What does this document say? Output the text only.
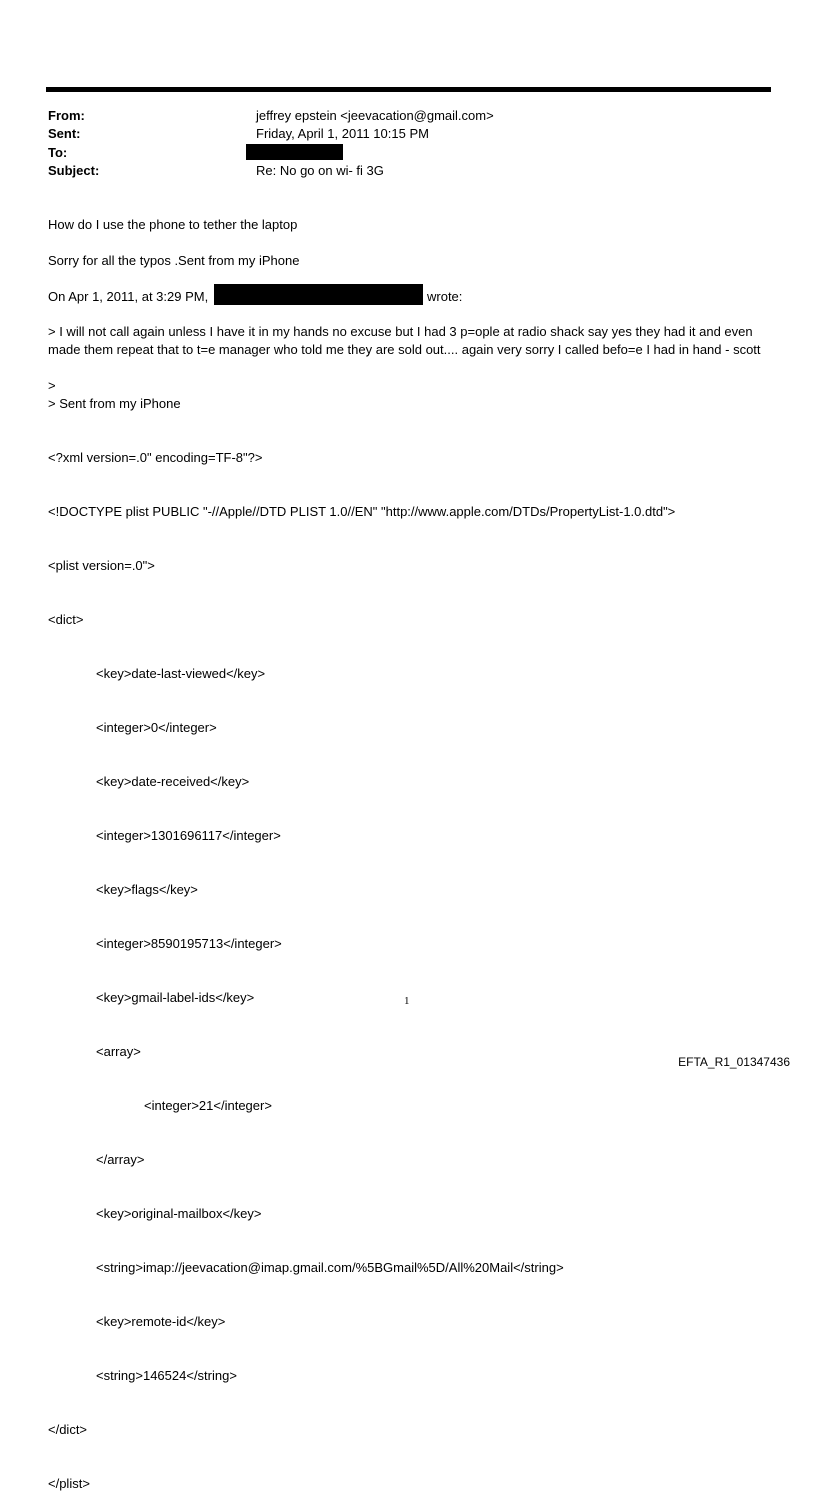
From:	jeffrey epstein <jeevacation@gmail.com>
Sent:	Friday, April 1, 2011 10:15 PM
To:
Subject:	Re: No go on wi- fi 3G
How do I use the phone to tether the laptop
Sorry for all the typos .Sent from my iPhone
On Apr 1, 2011, at 3:29 PM,	wrote:
> I will not call again unless I have it in my hands no excuse but I had 3 p=ople at radio shack say yes they had it and even made them repeat that to t=e manager who told me they are sold out.... again very sorry I called befo=e I had in hand - scott
>
> Sent from my iPhone

<?xml version=.0" encoding=TF-8"?>

<!DOCTYPE plist PUBLIC "-//Apple//DTD PLIST 1.0//EN" "http://www.apple.com/DTDs/PropertyList-1.0.dtd">

<plist version=.0">

<dict>

<key>date-last-viewed</key>

<integer>0</integer>

<key>date-received</key>

<integer>1301696117</integer>

<key>flags</key>

<integer>8590195713</integer>

<key>gmail-label-ids</key>

<array>

<integer>21</integer>

</array>

<key>original-mailbox</key>

<string>imap://jeevacation@imap.gmail.com/%5BGmail%5D/All%20Mail</string>

<key>remote-id</key>

<string>146524</string>

</dict>

</plist>

1
EFTA_R1_01347436
